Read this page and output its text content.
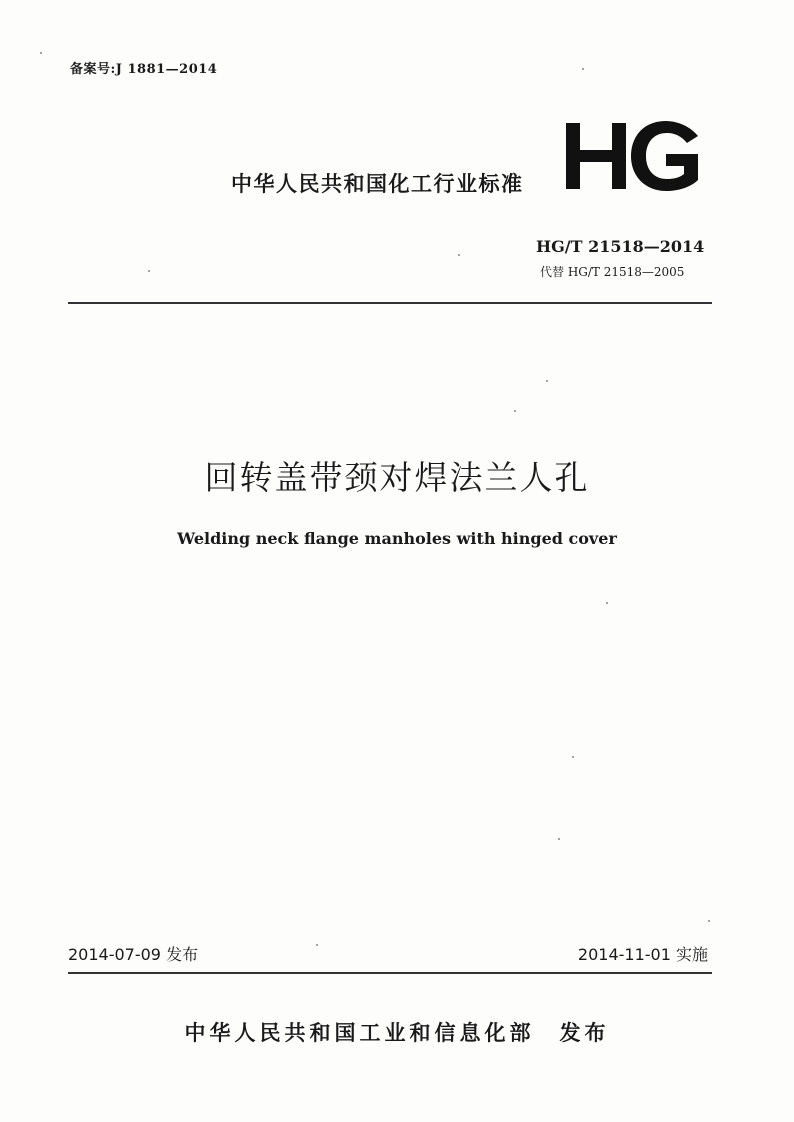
备案号:J 1881—2014
中华人民共和国化工行业标准
HG/T 21518—2014
代替 HG/T 21518—2005
回转盖带颈对焊法兰人孔
Welding neck flange manholes with hinged cover
2014-07-09 发布	2014-11-01 实施
中华人民共和国工业和信息化部　发布
